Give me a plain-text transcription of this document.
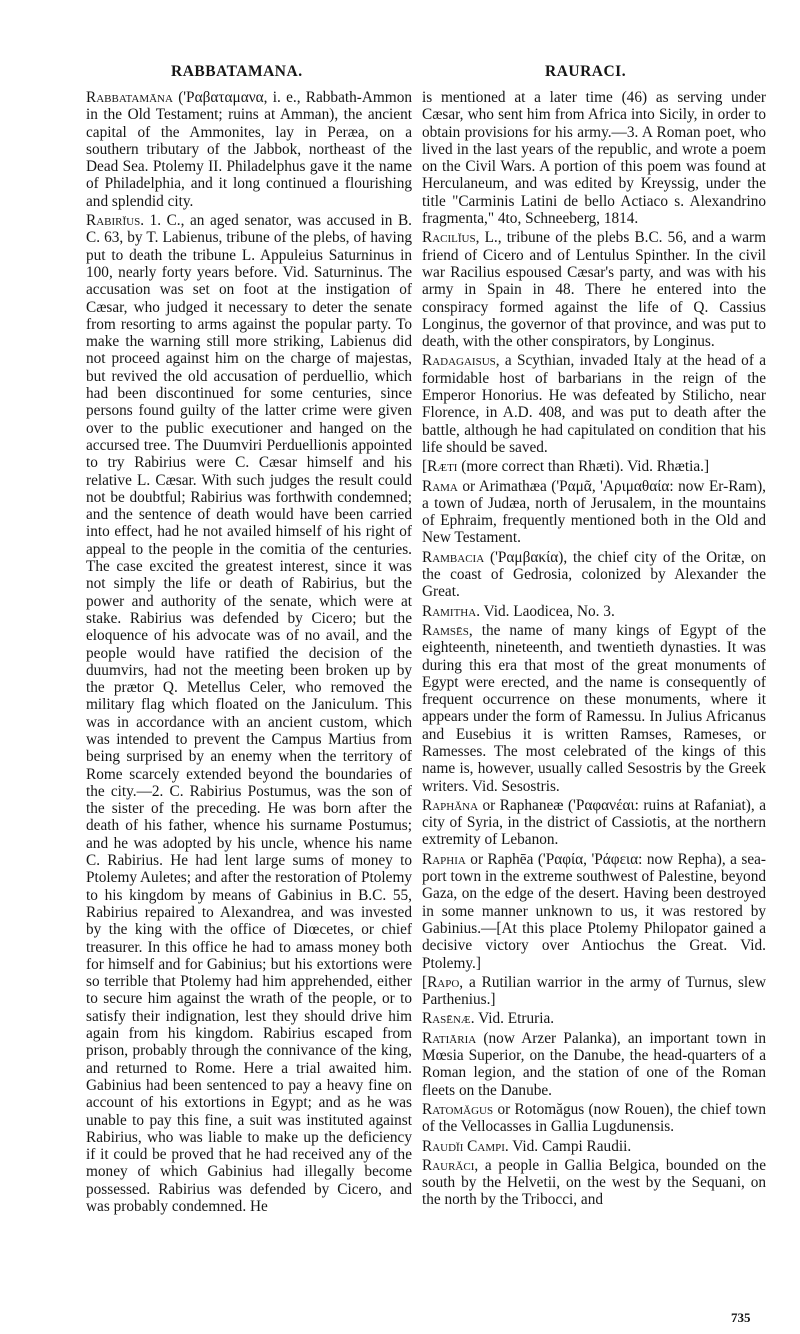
RABBATAMANA.	RAURACI.

Rabbatamāna ('Ραβαταμανα, i. e., Rabbath-Ammon in the Old Testament; ruins at Amman), the ancient capital of the Ammonites, lay in Peræa, on a southern tributary of the Jabbok, northeast of the Dead Sea. Ptolemy II. Philadelphus gave it the name of Philadelphia, and it long continued a flourishing and splendid city.

Rabirĭus. 1. C., an aged senator, was accused in B. C. 63, by T. Labienus, tribune of the plebs, of having put to death the tribune L. Appuleius Saturninus in 100, nearly forty years before. Vid. Saturninus. The accusation was set on foot at the instigation of Cæsar, who judged it necessary to deter the senate from resorting to arms against the popular party. To make the warning still more striking, Labienus did not proceed against him on the charge of majestas, but revived the old accusation of perduellio, which had been discontinued for some centuries, since persons found guilty of the latter crime were given over to the public executioner and hanged on the accursed tree. The Duumviri Perduellionis appointed to try Rabirius were C. Cæsar himself and his relative L. Cæsar. With such judges the result could not be doubtful; Rabirius was forthwith condemned; and the sentence of death would have been carried into effect, had he not availed himself of his right of appeal to the people in the comitia of the centuries. The case excited the greatest interest, since it was not simply the life or death of Rabirius, but the power and authority of the senate, which were at stake. Rabirius was defended by Cicero; but the eloquence of his advocate was of no avail, and the people would have ratified the decision of the duumvirs, had not the meeting been broken up by the prætor Q. Metellus Celer, who removed the military flag which floated on the Janiculum. This was in accordance with an ancient custom, which was intended to prevent the Campus Martius from being surprised by an enemy when the territory of Rome scarcely extended beyond the boundaries of the city.—2. C. Rabirius Postumus, was the son of the sister of the preceding. He was born after the death of his father, whence his surname Postumus; and he was adopted by his uncle, whence his name C. Rabirius. He had lent large sums of money to Ptolemy Auletes; and after the restoration of Ptolemy to his kingdom by means of Gabinius in B.C. 55, Rabirius repaired to Alexandrea, and was invested by the king with the office of Diœcetes, or chief treasurer. In this office he had to amass money both for himself and for Gabinius; but his extortions were so terrible that Ptolemy had him apprehended, either to secure him against the wrath of the people, or to satisfy their indignation, lest they should drive him again from his kingdom. Rabirius escaped from prison, probably through the connivance of the king, and returned to Rome. Here a trial awaited him. Gabinius had been sentenced to pay a heavy fine on account of his extortions in Egypt; and as he was unable to pay this fine, a suit was instituted against Rabirius, who was liable to make up the deficiency if it could be proved that he had received any of the money of which Gabinius had illegally become possessed. Rabirius was defended by Cicero, and was probably condemned. He

is mentioned at a later time (46) as serving under Cæsar, who sent him from Africa into Sicily, in order to obtain provisions for his army.—3. A Roman poet, who lived in the last years of the republic, and wrote a poem on the Civil Wars. A portion of this poem was found at Herculaneum, and was edited by Kreyssig, under the title "Carminis Latini de bello Actiaco s. Alexandrino fragmenta," 4to, Schneeberg, 1814.

Racilĭus, L., tribune of the plebs B.C. 56, and a warm friend of Cicero and of Lentulus Spinther. In the civil war Racilius espoused Cæsar's party, and was with his army in Spain in 48. There he entered into the conspiracy formed against the life of Q. Cassius Longinus, the governor of that province, and was put to death, with the other conspirators, by Longinus.

Radagaisus, a Scythian, invaded Italy at the head of a formidable host of barbarians in the reign of the Emperor Honorius. He was defeated by Stilicho, near Florence, in A.D. 408, and was put to death after the battle, although he had capitulated on condition that his life should be saved.

[Ræti (more correct than Rhæti). Vid. Rhætia.]

Rama or Arimathæa ('Ραμᾶ, 'Αριμαθαία: now Er-Ram), a town of Judæa, north of Jerusalem, in the mountains of Ephraim, frequently mentioned both in the Old and New Testament.

Rambacia ('Ραμβακία), the chief city of the Oritæ, on the coast of Gedrosia, colonized by Alexander the Great.

Ramitha. Vid. Laodicea, No. 3.

Ramsēs, the name of many kings of Egypt of the eighteenth, nineteenth, and twentieth dynasties. It was during this era that most of the great monuments of Egypt were erected, and the name is consequently of frequent occurrence on these monuments, where it appears under the form of Ramessu. In Julius Africanus and Eusebius it is written Ramses, Rameses, or Ramesses. The most celebrated of the kings of this name is, however, usually called Sesostris by the Greek writers. Vid. Sesostris.

Raphăna or Raphaneæ ('Ραφανέαι: ruins at Rafaniat), a city of Syria, in the district of Cassiotis, at the northern extremity of Lebanon.

Raphia or Raphēa ('Ραφία, 'Ράφεια: now Repha), a sea-port town in the extreme southwest of Palestine, beyond Gaza, on the edge of the desert. Having been destroyed in some manner unknown to us, it was restored by Gabinius.—[At this place Ptolemy Philopator gained a decisive victory over Antiochus the Great. Vid. Ptolemy.]

[Rapo, a Rutilian warrior in the army of Turnus, slew Parthenius.]

Rasēnæ. Vid. Etruria.

Ratiāria (now Arzer Palanka), an important town in Mœsia Superior, on the Danube, the head-quarters of a Roman legion, and the station of one of the Roman fleets on the Danube.

Ratomăgus or Rotomăgus (now Rouen), the chief town of the Vellocasses in Gallia Lugdunensis.

Raudĭi Campi. Vid. Campi Raudii.

Raurăci, a people in Gallia Belgica, bounded on the south by the Helvetii, on the west by the Sequani, on the north by the Tribocci, and

735
